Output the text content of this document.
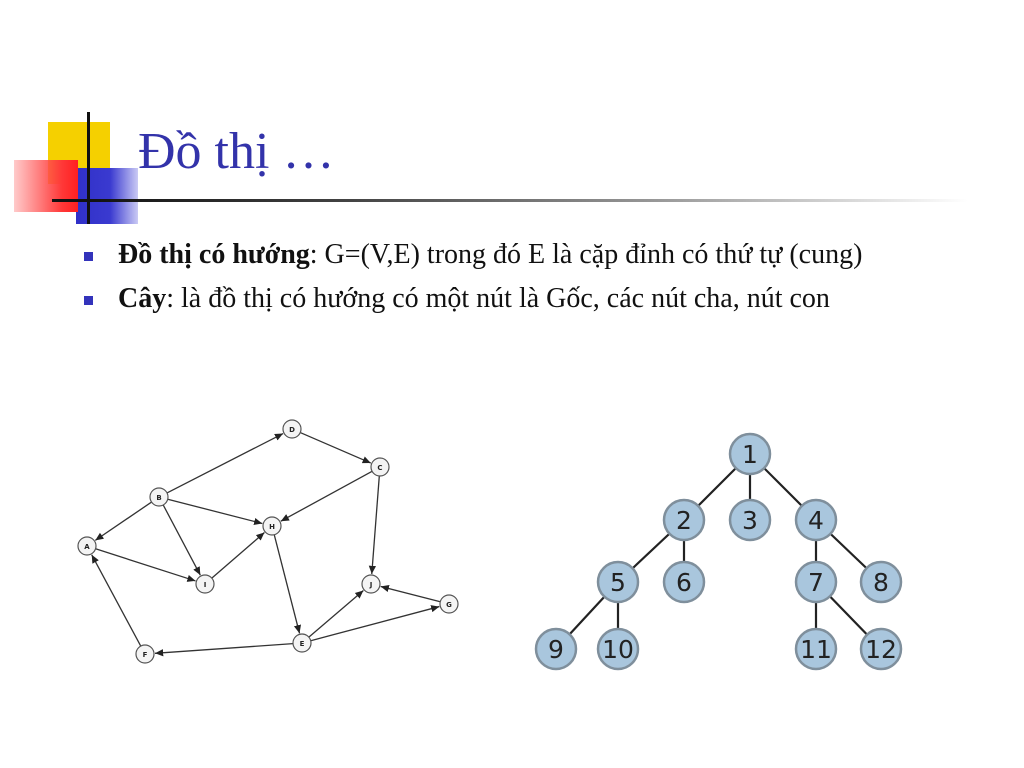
Đồ thị …
Đồ thị có hướng: G=(V,E) trong đó E là cặp đỉnh có thứ tự (cung)
Cây: là đồ thị có hướng có một nút là Gốc, các nút cha, nút con
D
C
B
H
A
I	J
G
E
F
1
2 3 4
5 6	7 8
9 10	11 12
